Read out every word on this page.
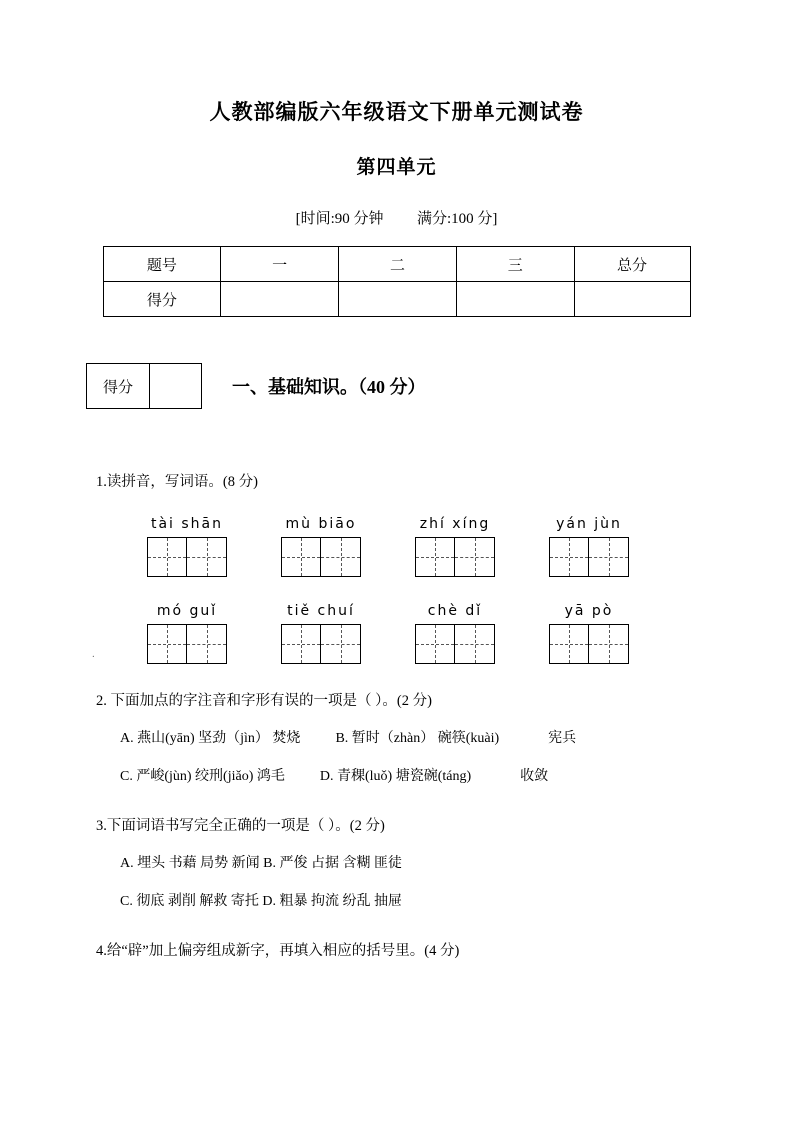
人教部编版六年级语文下册单元测试卷
第四单元
[时间:90 分钟 满分:100 分]
题号	一	二	三	总分
得分				
得分	一、基础知识。（40 分）
1.读拼音，写词语。(8 分)
tài shān	mù biāo	zhí xíng	yán jùn
mó guǐ	tiě chuí	chè dǐ	yā pò
2. 下面加点的字注音和字形有误的一项是（ ）。(2 分)
A. 燕山(yān) 坚劲（jìn） 焚烧	B. 暂时（zhàn） 碗筷(kuài)	宪兵
C. 严峻(jùn) 绞刑(jiǎo) 鸿毛	D. 青稞(luǒ) 塘瓷碗(táng)	收敛
3.下面词语书写完全正确的一项是（ ）。(2 分)
A. 埋头 书藉 局势 新闻 B. 严俊 占据 含糊 匪徒
C. 彻底 剥削 解救 寄托 D. 粗暴 拘流 纷乱 抽屉
4.给“辟”加上偏旁组成新字，再填入相应的括号里。(4 分)
.
